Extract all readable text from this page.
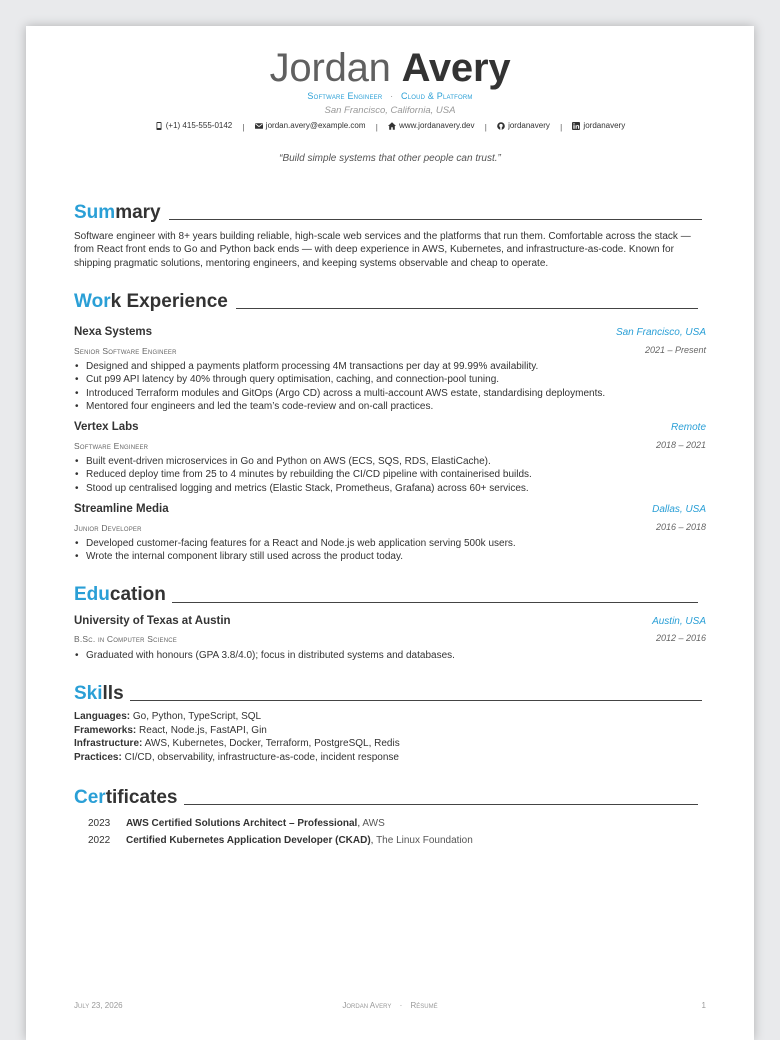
Jordan Avery
Software Engineer · Cloud & Platform
San Francisco, California, USA
(+1) 415-555-0142 |	jordan.avery@example.com |	www.jordanavery.dev |	jordanavery |	jordanavery
“Build simple systems that other people can trust.”
Sum mary
Software engineer with 8+ years building reliable, high-scale web services and the platforms that run them. Comfortable across the stack — from React front ends to Go and Python back ends — with deep experience in AWS, Kubernetes, and infrastructure-as-code. Known for shipping pragmatic solutions, mentoring engineers, and keeping systems observable and cheap to operate.
Wor k Experience
Nexa Systems	San Francisco, USA
Senior Software Engineer	2021 – Present
• Designed and shipped a payments platform processing 4M transactions per day at 99.99% availability.
• Cut p99 API latency by 40% through query optimisation, caching, and connection-pool tuning.
• Introduced Terraform modules and GitOps (Argo CD) across a multi-account AWS estate, standardising deployments.
• Mentored four engineers and led the team’s code-review and on-call practices.
Vertex Labs	Remote
Software Engineer	2018 – 2021
• Built event-driven microservices in Go and Python on AWS (ECS, SQS, RDS, ElastiCache).
• Reduced deploy time from 25 to 4 minutes by rebuilding the CI/CD pipeline with containerised builds.
• Stood up centralised logging and metrics (Elastic Stack, Prometheus, Grafana) across 60+ services.
Streamline Media	Dallas, USA
Junior Developer	2016 – 2018
• Developed customer-facing features for a React and Node.js web application serving 500k users.
• Wrote the internal component library still used across the product today.
Edu cation
University of Texas at Austin	Austin, USA
B.Sc. in Computer Science	2012 – 2016
• Graduated with honours (GPA 3.8/4.0); focus in distributed systems and databases.
Ski lls
Languages: Go, Python, TypeScript, SQL
Frameworks: React, Node.js, FastAPI, Gin
Infrastructure: AWS, Kubernetes, Docker, Terraform, PostgreSQL, Redis
Practices: CI/CD, observability, infrastructure-as-code, incident response
Cer tificates
2023 AWS Certified Solutions Architect – Professional, AWS
2022 Certified Kubernetes Application Developer (CKAD), The Linux Foundation
July 23, 2026	Jordan Avery · Résumé	1
